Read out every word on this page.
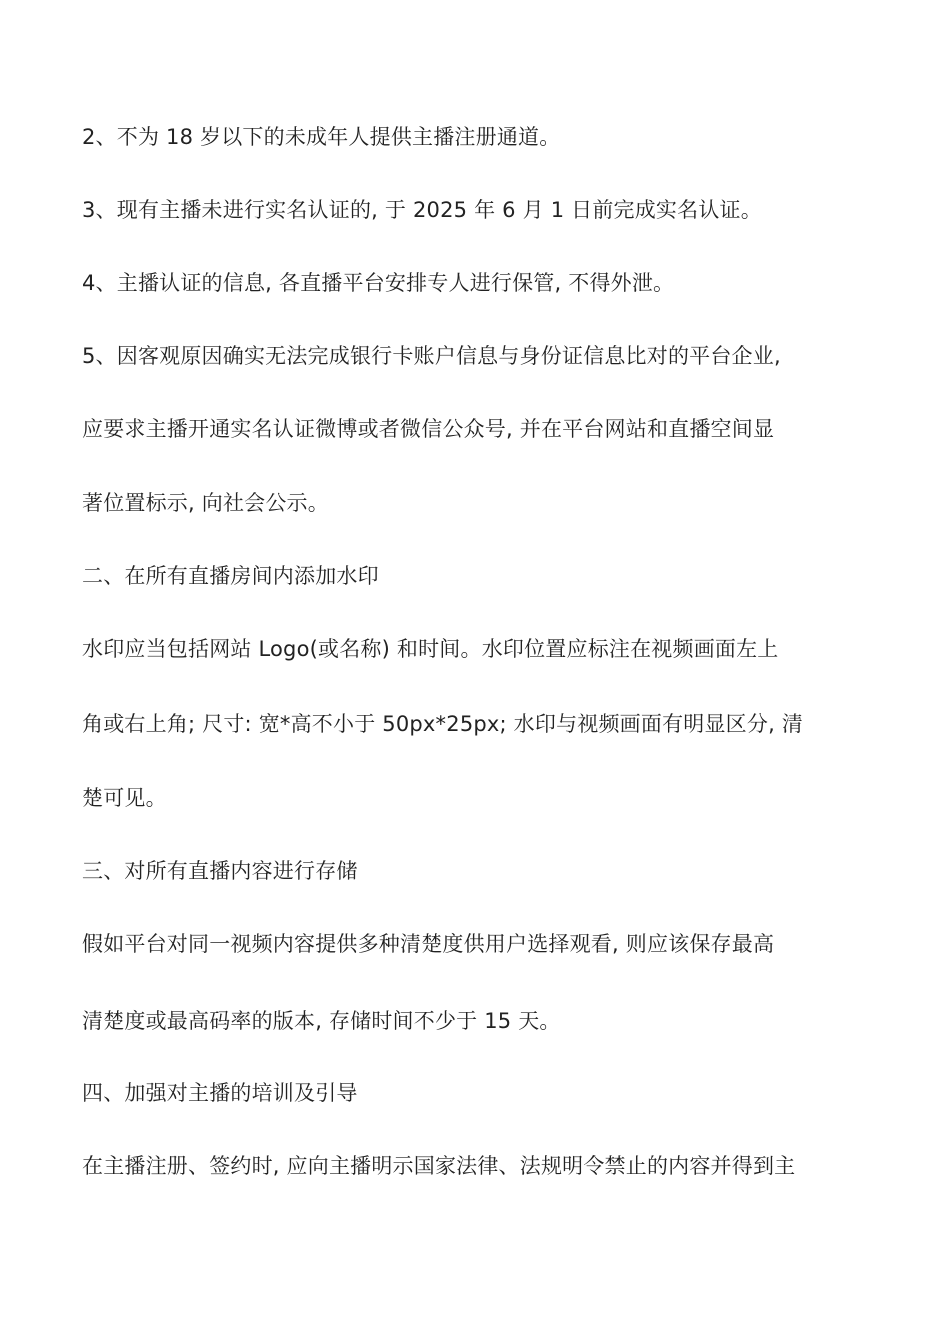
2、不为 18 岁以下的未成年人提供主播注册通道。
3、现有主播未进行实名认证的, 于 2025 年 6 月 1 日前完成实名认证。
4、主播认证的信息, 各直播平台安排专人进行保管, 不得外泄。
5、因客观原因确实无法完成银行卡账户信息与身份证信息比对的平台企业,
应要求主播开通实名认证微博或者微信公众号, 并在平台网站和直播空间显
著位置标示, 向社会公示。
二、在所有直播房间内添加水印
水印应当包括网站 Logo(或名称) 和时间。水印位置应标注在视频画面左上
角或右上角; 尺寸: 宽*高不小于 50px*25px; 水印与视频画面有明显区分, 清
楚可见。
三、对所有直播内容进行存储
假如平台对同一视频内容提供多种清楚度供用户选择观看, 则应该保存最高
清楚度或最高码率的版本, 存储时间不少于 15 天。
四、加强对主播的培训及引导
在主播注册、签约时, 应向主播明示国家法律、法规明令禁止的内容并得到主
